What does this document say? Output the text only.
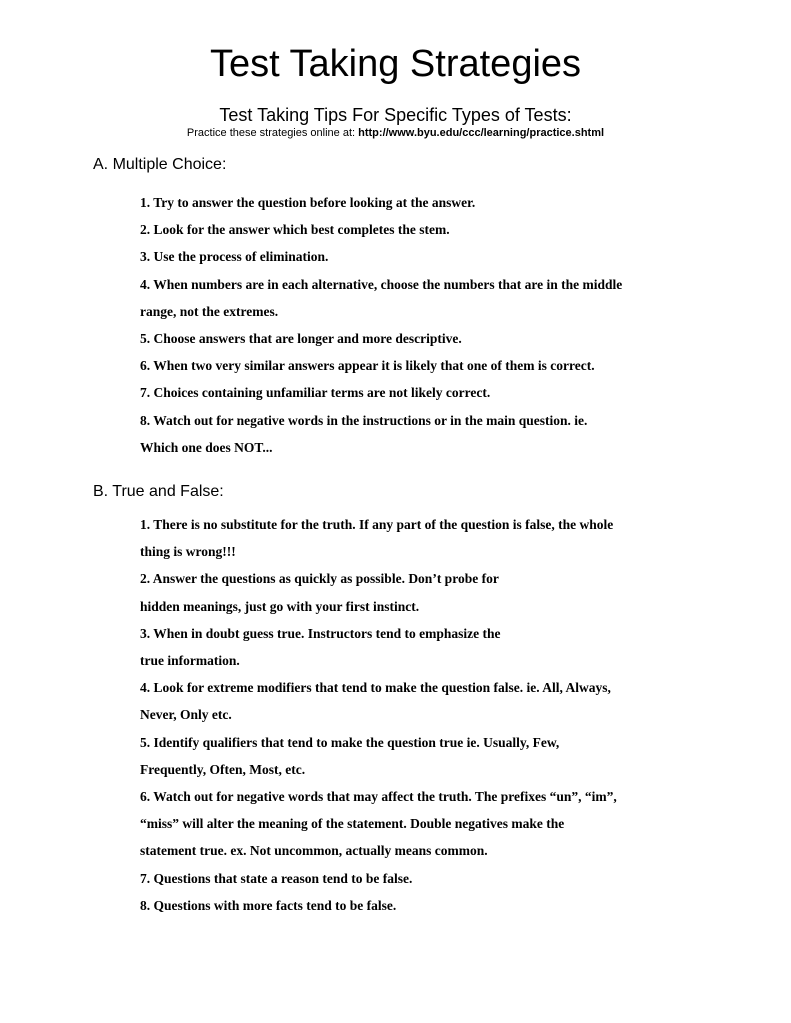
Test Taking Strategies
Test Taking Tips For Specific Types of Tests:
Practice these strategies online at: http://www.byu.edu/ccc/learning/practice.shtml
A. Multiple Choice:
1. Try to answer the question before looking at the answer.
2. Look for the answer which best completes the stem.
3. Use the process of elimination.
4. When numbers are in each alternative, choose the numbers that are in the middle
range, not the extremes.
5. Choose answers that are longer and more descriptive.
6. When two very similar answers appear it is likely that one of them is correct.
7. Choices containing unfamiliar terms are not likely correct.
8. Watch out for negative words in the instructions or in the main question. ie.
Which one does NOT...
B. True and False:
1. There is no substitute for the truth. If any part of the question is false, the whole
thing is wrong!!!
2. Answer the questions as quickly as possible. Don’t probe for
hidden meanings, just go with your first instinct.
3. When in doubt guess true. Instructors tend to emphasize the
true information.
4. Look for extreme modifiers that tend to make the question false. ie. All, Always,
Never, Only etc.
5. Identify qualifiers that tend to make the question true ie. Usually, Few,
Frequently, Often, Most, etc.
6. Watch out for negative words that may affect the truth. The prefixes “un”, “im”,
“miss” will alter the meaning of the statement. Double negatives make the
statement true. ex. Not uncommon, actually means common.
7. Questions that state a reason tend to be false.
8. Questions with more facts tend to be false.
